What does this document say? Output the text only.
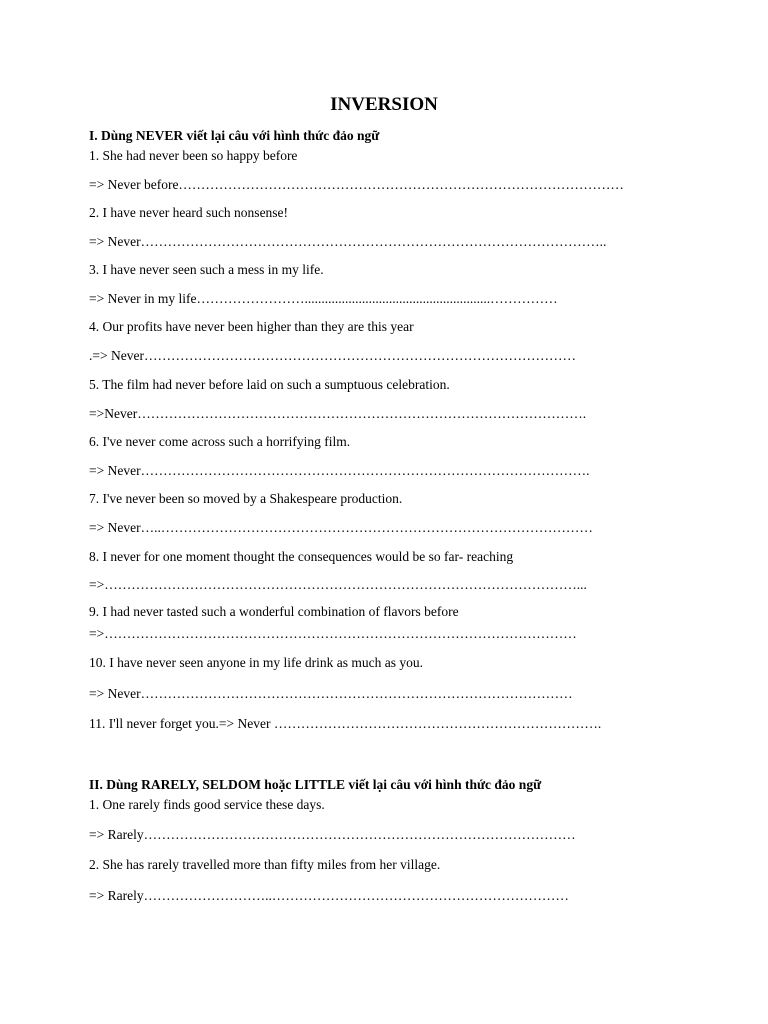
INVERSION
I. Dùng NEVER viết lại câu với hình thức đảo ngữ
1. She had never been so happy before
=> Never before………………………………………………………………………………………
2. I have never heard such nonsense!
=> Never…………………………………………………………………………………………..
3. I have never seen such a mess in my life.
=> Never in my life…………………….......................................................……………
4. Our profits have never been higher than they are this year
.=> Never……………………………………………………………………………………
5. The film had never before laid on such a sumptuous celebration.
=>Never……………………………………………………………………………………….
6. I've never come across such a horrifying film.
=> Never……………………………………………………………………………………….
7. I've never been so moved by a Shakespeare production.
=> Never…..……………………………………………………………………………………
8. I never for one moment thought the consequences would be so far- reaching
=>……………………………………………………………………………………………...
9. I had never tasted such a wonderful combination of flavors before
=>……………………………………………………………………………………………
10. I have never seen anyone in my life drink as much as you.
=> Never……………………………………………………………………………………
11. I'll never forget you.=> Never ……………………………………………………………….
II. Dùng RARELY, SELDOM hoặc LITTLE viết lại câu với hình thức đảo ngữ
1. One rarely finds good service these days.
=> Rarely……………………………………………………………………………………
2. She has rarely travelled more than fifty miles from her village.
=> Rarely………………………..…………………………………………………………
